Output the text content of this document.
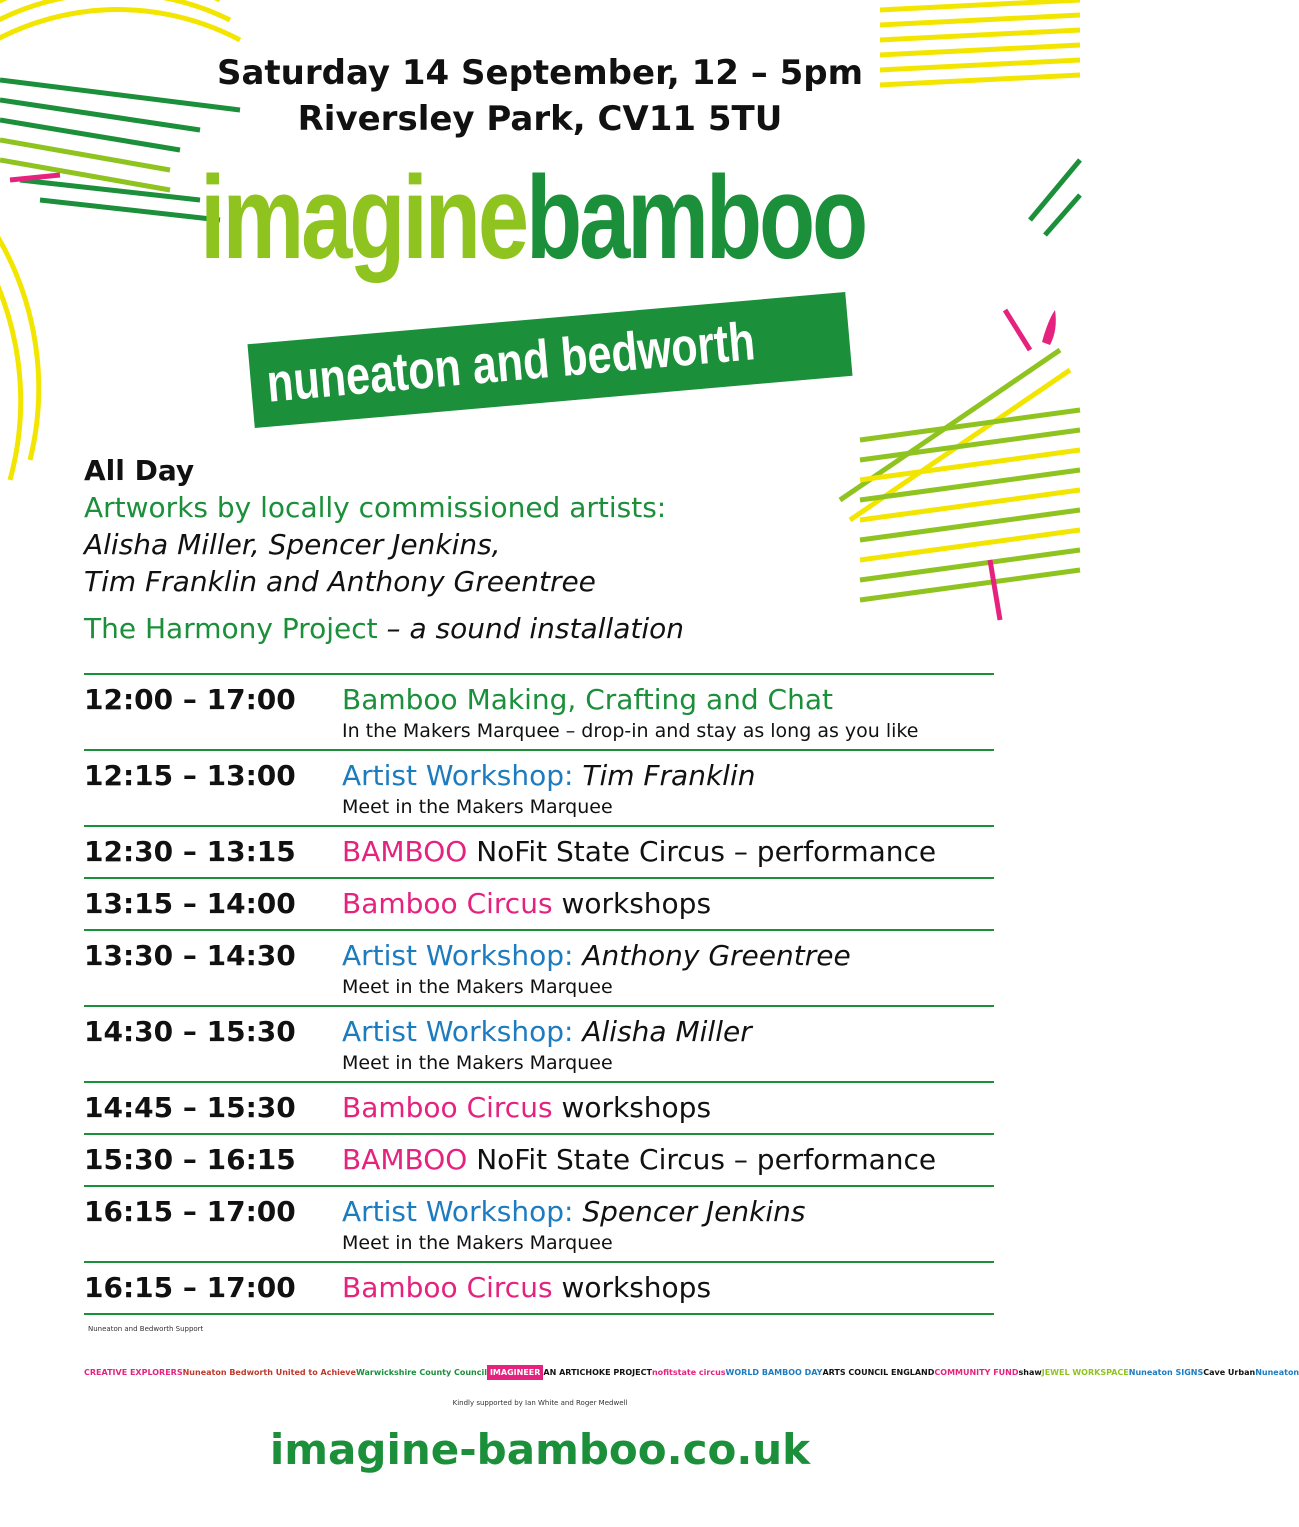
Saturday 14 September, 12 – 5pm
Riversley Park, CV11 5TU
imaginebamboo
nuneaton and bedworth
All Day
Artworks by locally commissioned artists:
Alisha Miller, Spencer Jenkins,
Tim Franklin and Anthony Greentree
The Harmony Project – a sound installation
12:00 – 17:00	Bamboo Making, Crafting and Chat
In the Makers Marquee – drop-in and stay as long as you like
12:15 – 13:00	Artist Workshop: Tim Franklin
Meet in the Makers Marquee
12:30 – 13:15	BAMBOO NoFit State Circus – performance
13:15 – 14:00	Bamboo Circus workshops
13:30 – 14:30	Artist Workshop: Anthony Greentree
Meet in the Makers Marquee
14:30 – 15:30	Artist Workshop: Alisha Miller
Meet in the Makers Marquee
14:45 – 15:30	Bamboo Circus workshops
15:30 – 16:15	BAMBOO NoFit State Circus – performance
16:15 – 17:00	Artist Workshop: Spencer Jenkins
Meet in the Makers Marquee
16:15 – 17:00	Bamboo Circus workshops
Nuneaton and Bedworth Support
CREATIVE EXPLORERS Nuneaton Bedworth United to Achieve Warwickshire County Council IMAGINEER AN ARTICHOKE PROJECT nofitstate circus WORLD BAMBOO DAY ARTS COUNCIL ENGLAND COMMUNITY FUND shaw JEWEL WORKSPACE Nuneaton SIGNS Cave Urban Nuneaton
Kindly supported by Ian White and Roger Medwell
imagine-bamboo.co.uk
